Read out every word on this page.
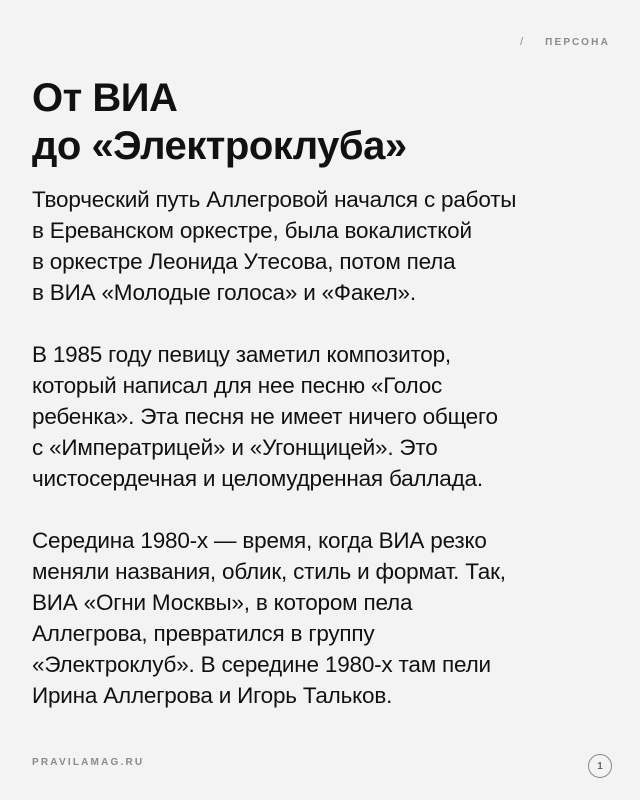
/ ПЕРСОНА
От ВИА
до «Электроклуба»

Творческий путь Аллегровой начался с работы
в Ереванском оркестре, была вокалисткой
в оркестре Леонида Утесова, потом пела
в ВИА «Молодые голоса» и «Факел».

В 1985 году певицу заметил композитор,
который написал для нее песню «Голос
ребенка». Эта песня не имеет ничего общего
с «Императрицей» и «Угонщицей». Это
чистосердечная и целомудренная баллада.

Середина 1980-х — время, когда ВИА резко
меняли названия, облик, стиль и формат. Так,
ВИА «Огни Москвы», в котором пела
Аллегрова, превратился в группу
«Электроклуб». В середине 1980-х там пели
Ирина Аллегрова и Игорь Тальков.

PRAVILAMAG.RU	1
